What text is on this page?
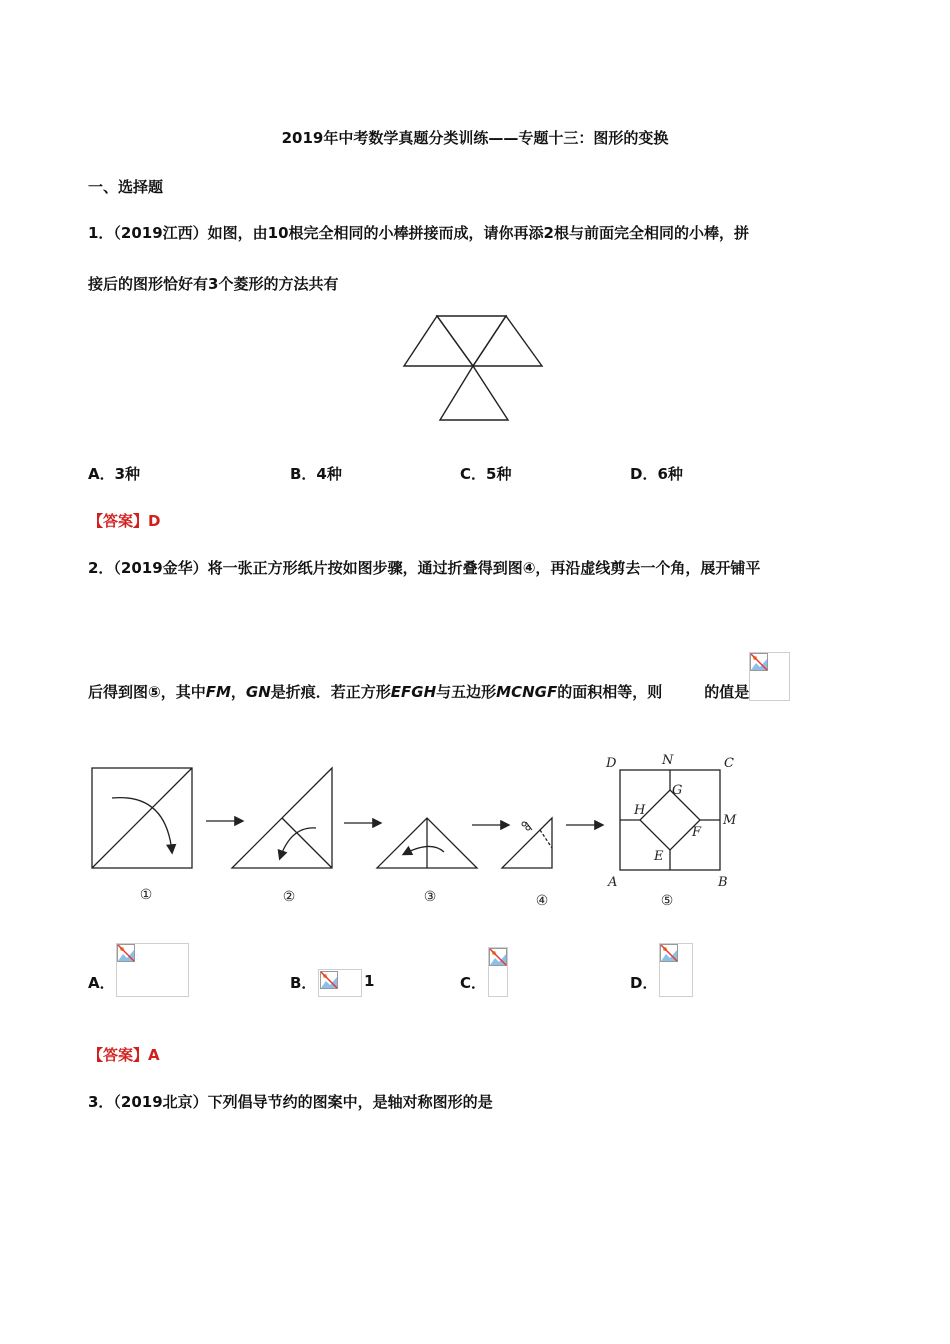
2019年中考数学真题分类训练——专题十三：图形的变换
一、选择题
1．（2019江西）如图，由10根完全相同的小棒拼接而成，请你再添2根与前面完全相同的小棒，拼
接后的图形恰好有3个菱形的方法共有
A．3种	B．4种	C．5种	D．6种
【答案】D
2．（2019金华）将一张正方形纸片按如图步骤，通过折叠得到图④，再沿虚线剪去一个角，展开铺平
后得到图⑤，其中FM，GN是折痕．若正方形EFGH与五边形MCNGF的面积相等，则	的值是
①	②	③	④	⑤
D	N	C
G
H
M
F
E
A	B
A．	B．	1	C．	D．
【答案】A
3．（2019北京）下列倡导节约的图案中，是轴对称图形的是
